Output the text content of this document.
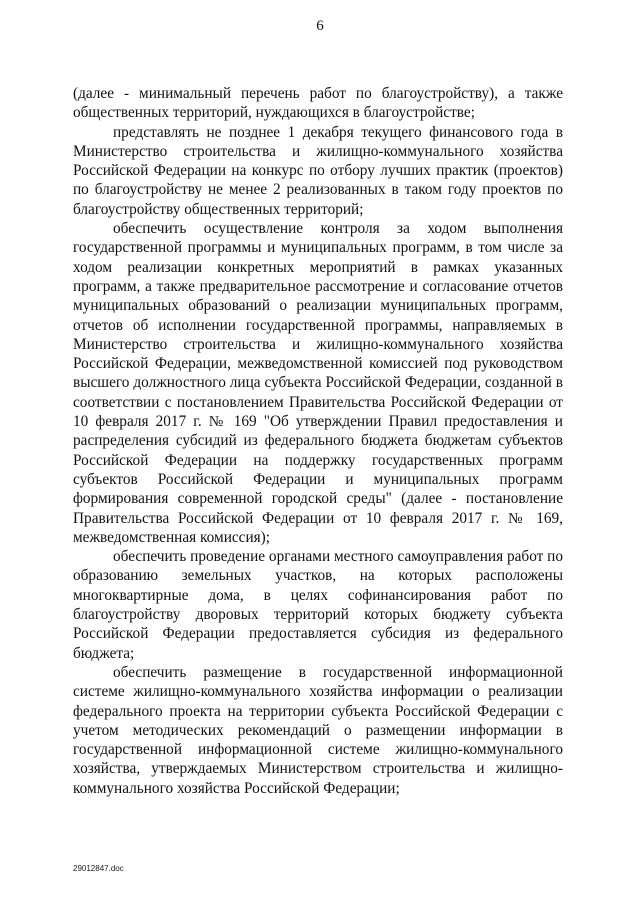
6

(далее - минимальный перечень работ по благоустройству), а также общественных территорий, нуждающихся в благоустройстве;

представлять не позднее 1 декабря текущего финансового года в Министерство строительства и жилищно-коммунального хозяйства Российской Федерации на конкурс по отбору лучших практик (проектов) по благоустройству не менее 2 реализованных в таком году проектов по благоустройству общественных территорий;

обеспечить осуществление контроля за ходом выполнения государственной программы и муниципальных программ, в том числе за ходом реализации конкретных мероприятий в рамках указанных программ, а также предварительное рассмотрение и согласование отчетов муниципальных образований о реализации муниципальных программ, отчетов об исполнении государственной программы, направляемых в Министерство строительства и жилищно-коммунального хозяйства Российской Федерации, межведомственной комиссией под руководством высшего должностного лица субъекта Российской Федерации, созданной в соответствии с постановлением Правительства Российской Федерации от 10 февраля 2017 г. № 169 "Об утверждении Правил предоставления и распределения субсидий из федерального бюджета бюджетам субъектов Российской Федерации на поддержку государственных программ субъектов Российской Федерации и муниципальных программ формирования современной городской среды" (далее - постановление Правительства Российской Федерации от 10 февраля 2017 г. № 169, межведомственная комиссия);

обеспечить проведение органами местного самоуправления работ по образованию земельных участков, на которых расположены многоквартирные дома, в целях софинансирования работ по благоустройству дворовых территорий которых бюджету субъекта Российской Федерации предоставляется субсидия из федерального бюджета;

обеспечить размещение в государственной информационной системе жилищно-коммунального хозяйства информации о реализации федерального проекта на территории субъекта Российской Федерации с учетом методических рекомендаций о размещении информации в государственной информационной системе жилищно-коммунального хозяйства, утверждаемых Министерством строительства и жилищно-коммунального хозяйства Российской Федерации;

29012847.doc
